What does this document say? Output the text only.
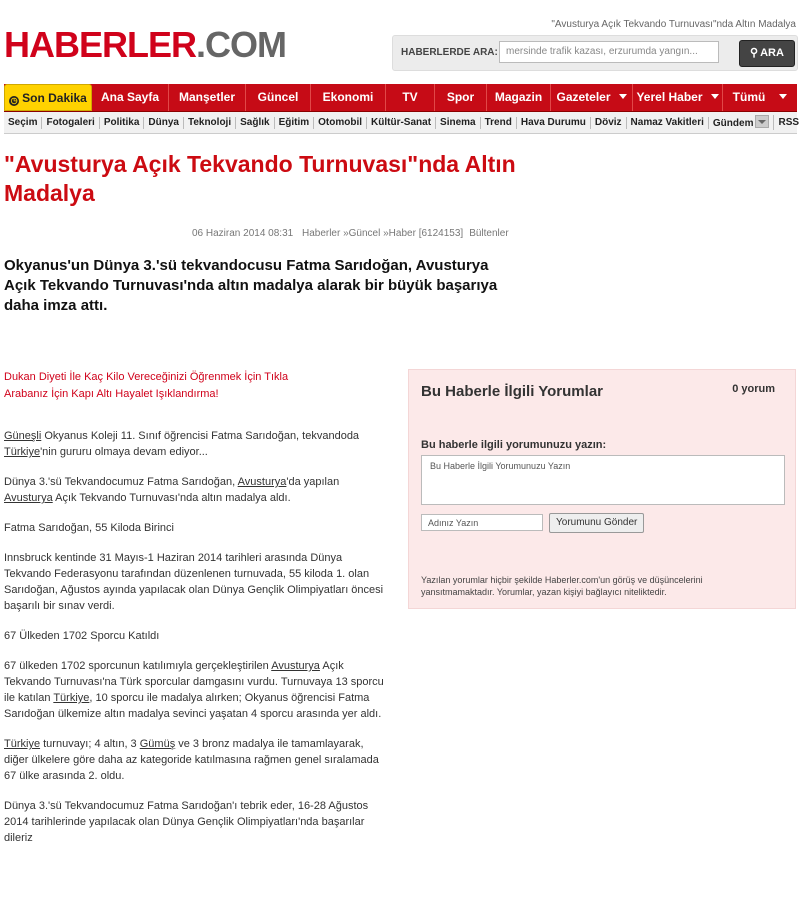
HABERLER.COM	"Avusturya Açık Tekvando Turnuvası"nda Altın Madalya
HABERLERDE ARA: mersinde trafik kazası, erzurumda yangın...	⚲ ARA
◷ Son Dakika	Ana Sayfa	Manşetler	Güncel	Ekonomi	TV	Spor	Magazin	Gazeteler	Yerel Haber	Tümü
Seçim Fotogaleri Politika Dünya Teknoloji Sağlık Eğitim Otomobil Kültür-Sanat Sinema Trend Hava Durumu Döviz Namaz Vakitleri Gündem	RSS
"Avusturya Açık Tekvando Turnuvası"nda Altın Madalya
06 Haziran 2014 08:31 Haberler »Güncel »Haber [6124153] Bültenler

Okyanus'un Dünya 3.'sü tekvandocusu Fatma Sarıdoğan, Avusturya Açık Tekvando Turnuvası'nda altın madalya alarak bir büyük başarıya daha imza attı.

Dukan Diyeti İle Kaç Kilo Vereceğinizi Öğrenmek İçin Tıkla
Arabanız İçin Kapı Altı Hayalet Işıklandırma!

Güneşli Okyanus Koleji 11. Sınıf öğrencisi Fatma Sarıdoğan, tekvandoda Türkiye'nin gururu olmaya devam ediyor...

Dünya 3.'sü Tekvandocumuz Fatma Sarıdoğan, Avusturya'da yapılan Avusturya Açık Tekvando Turnuvası'nda altın madalya aldı.

Fatma Sarıdoğan, 55 Kiloda Birinci

Innsbruck kentinde 31 Mayıs-1 Haziran 2014 tarihleri arasında Dünya Tekvando Federasyonu tarafından düzenlenen turnuvada, 55 kiloda 1. olan Sarıdoğan, Ağustos ayında yapılacak olan Dünya Gençlik Olimpiyatları öncesi başarılı bir sınav verdi.

67 Ülkeden 1702 Sporcu Katıldı

67 ülkeden 1702 sporcunun katılımıyla gerçekleştirilen Avusturya Açık Tekvando Turnuvası'na Türk sporcular damgasını vurdu. Turnuvaya 13 sporcu ile katılan Türkiye, 10 sporcu ile madalya alırken; Okyanus öğrencisi Fatma Sarıdoğan ülkemize altın madalya sevinci yaşatan 4 sporcu arasında yer aldı.

Türkiye turnuvayı; 4 altın, 3 Gümüş ve 3 bronz madalya ile tamamlayarak, diğer ülkelere göre daha az kategoride katılmasına rağmen genel sıralamada 67 ülke arasında 2. oldu.

Dünya 3.'sü Tekvandocumuz Fatma Sarıdoğan'ı tebrik eder, 16-28 Ağustos 2014 tarihlerinde yapılacak olan Dünya Gençlik Olimpiyatları'nda başarılar dileriz

Bu Haberle İlgili Yorumlar	0 yorum
Bu haberle ilgili yorumunuzu yazın:
Bu Haberle İlgili Yorumunuzu Yazın
Adınız Yazın	Yorumunu Gönder
Yazılan yorumlar hiçbir şekilde Haberler.com'un görüş ve düşüncelerini yansıtmamaktadır. Yorumlar, yazan kişiyi bağlayıcı niteliktedir.
